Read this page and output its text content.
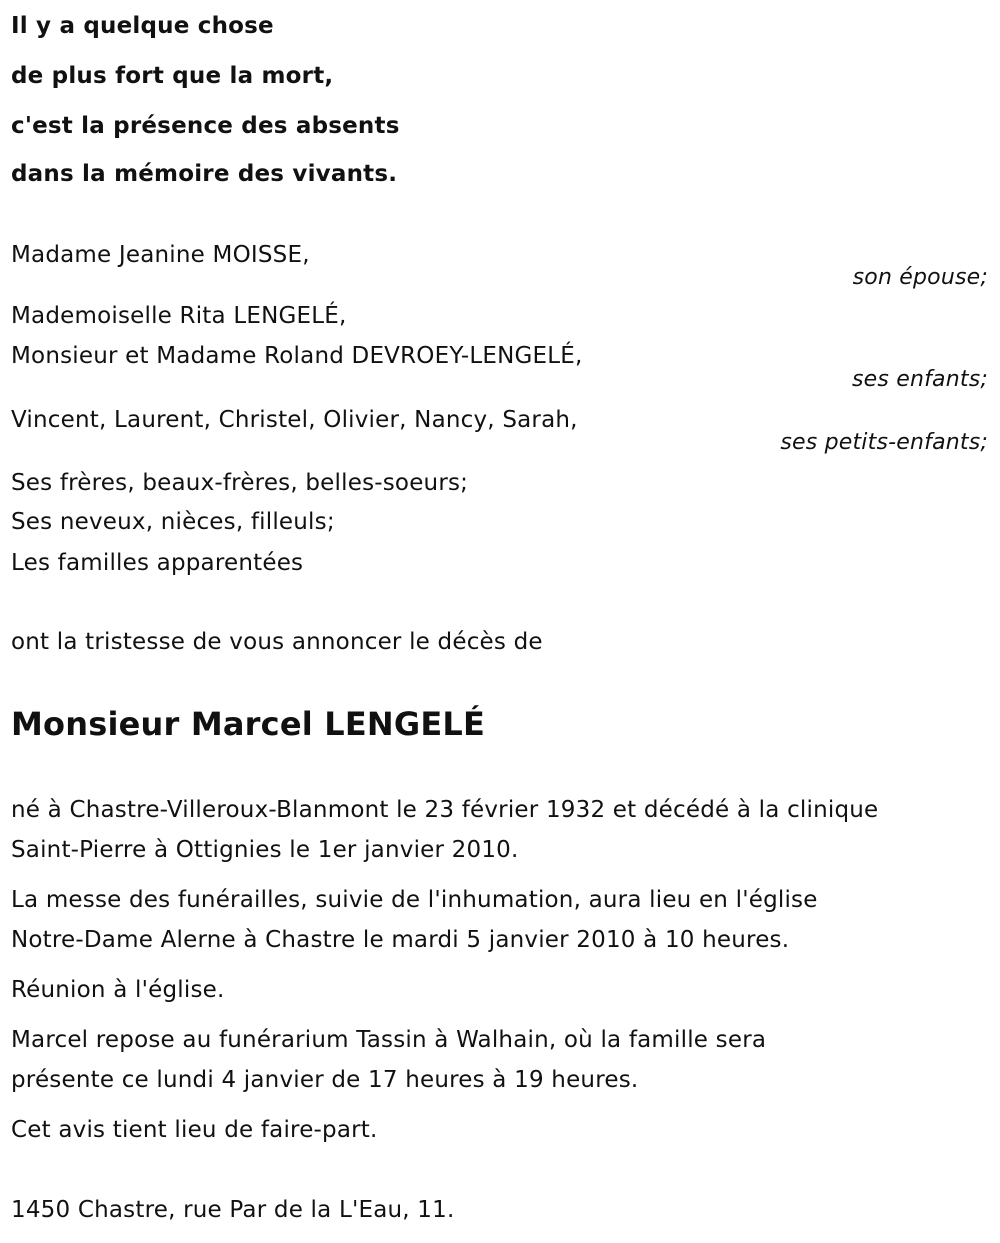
Il y a quelque chose
de plus fort que la mort,
c'est la présence des absents
dans la mémoire des vivants.
Madame Jeanine MOISSE,
son épouse;
Mademoiselle Rita LENGELÉ,
Monsieur et Madame Roland DEVROEY-LENGELÉ,
ses enfants;
Vincent, Laurent, Christel, Olivier, Nancy, Sarah,
ses petits-enfants;
Ses frères, beaux-frères, belles-soeurs;
Ses neveux, nièces, filleuls;
Les familles apparentées
ont la tristesse de vous annoncer le décès de
Monsieur Marcel LENGELÉ
né à Chastre-Villeroux-Blanmont le 23 février 1932 et décédé à la clinique
Saint-Pierre à Ottignies le 1er janvier 2010.
La messe des funérailles, suivie de l'inhumation, aura lieu en l'église
Notre-Dame Alerne à Chastre le mardi 5 janvier 2010 à 10 heures.
Réunion à l'église.
Marcel repose au funérarium Tassin à Walhain, où la famille sera
présente ce lundi 4 janvier de 17 heures à 19 heures.
Cet avis tient lieu de faire-part.
1450 Chastre, rue Par de la L'Eau, 11.
